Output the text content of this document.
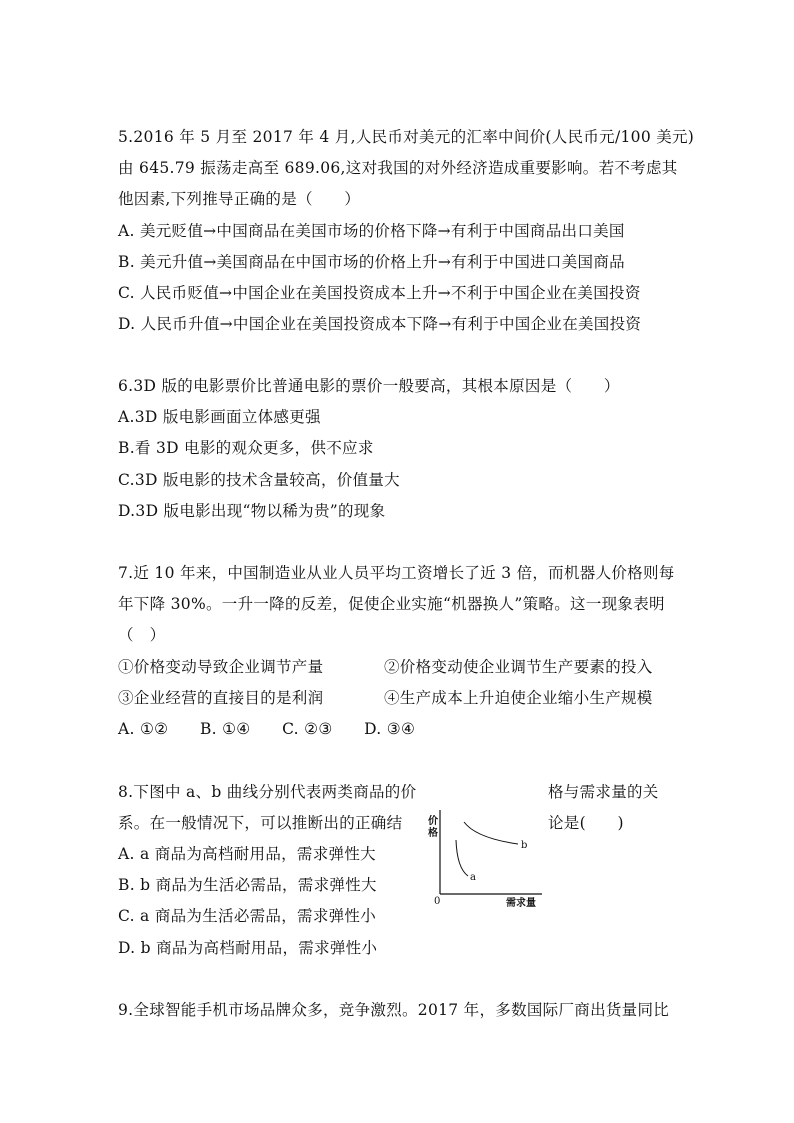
5.2016 年 5 月至 2017 年 4 月,人民币对美元的汇率中间价(人民币元/100 美元)
由 645.79 振荡走高至 689.06,这对我国的对外经济造成重要影响。若不考虑其
他因素,下列推导正确的是（　　）
A. 美元贬值→中国商品在美国市场的价格下降→有利于中国商品出口美国
B. 美元升值→美国商品在中国市场的价格上升→有利于中国进口美国商品
C. 人民币贬值→中国企业在美国投资成本上升→不利于中国企业在美国投资
D. 人民币升值→中国企业在美国投资成本下降→有利于中国企业在美国投资
6.3D 版的电影票价比普通电影的票价一般要高，其根本原因是（　　）
A.3D 版电影画面立体感更强
B.看 3D 电影的观众更多，供不应求
C.3D 版电影的技术含量较高，价值量大
D.3D 版电影出现“物以稀为贵”的现象
7.近 10 年来，中国制造业从业人员平均工资增长了近 3 倍，而机器人价格则每
年下降 30%。一升一降的反差，促使企业实施“机器换人”策略。这一现象表明
（　）
①价格变动导致企业调节产量	②价格变动使企业调节生产要素的投入
③企业经营的直接目的是利润	④生产成本上升迫使企业缩小生产规模
A. ①②　　B. ①④　　C. ②③　　D. ③④
8.下图中 a、b 曲线分别代表两类商品的价	格与需求量的关
系。在一般情况下，可以推断出的正确结	论是(　　)
A. a 商品为高档耐用品，需求弹性大
B. b 商品为生活必需品，需求弹性大
C. a 商品为生活必需品，需求弹性小
D. b 商品为高档耐用品，需求弹性小
价
格
0	需求量
b
a
9.全球智能手机市场品牌众多，竞争激烈。2017 年，多数国际厂商出货量同比
